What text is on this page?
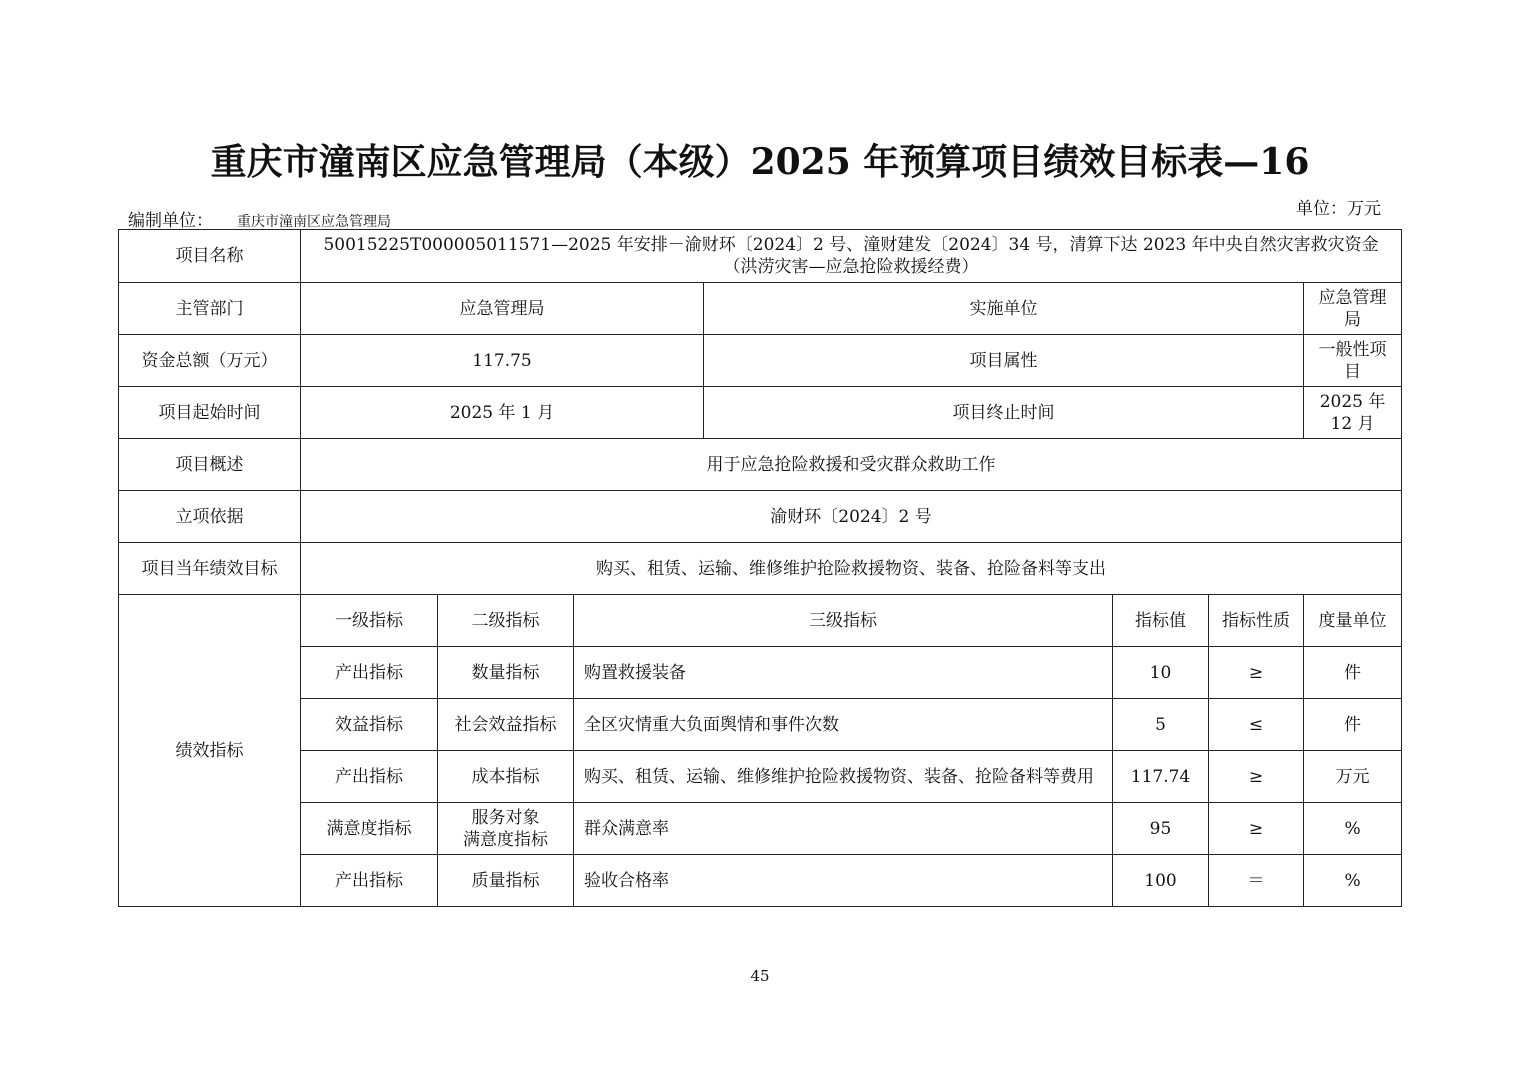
重庆市潼南区应急管理局（本级）2025 年预算项目绩效目标表—16
单位：万元
编制单位： 重庆市潼南区应急管理局
项目名称	50015225T000005011571—2025 年安排－渝财环〔2024〕2 号、潼财建发〔2024〕34 号，清算下达 2023 年中央自然灾害救灾资金
（洪涝灾害—应急抢险救援经费）						

主管部门	应急管理局			实施单位			应急管理局
资金总额（万元）	117.75			项目属性			一般性项目
项目起始时间	2025 年 1 月			项目终止时间			2025 年 12 月
项目概述	用于应急抢险救援和受灾群众救助工作						
立项依据	渝财环〔2024〕2 号						
项目当年绩效目标	购买、租赁、运输、维修维护抢险救援物资、装备、抢险备料等支出						
绩效指标	一级指标	二级指标	三级指标		指标值	指标性质	度量单位
	产出指标	数量指标	购置救援装备		10	≥	件
	效益指标	社会效益指标	全区灾情重大负面舆情和事件次数		5	≤	件
	产出指标	成本指标	购买、租赁、运输、维修维护抢险救援物资、装备、抢险备料等费用		117.74	≥	万元
	满意度指标	服务对象
满意度指标	群众满意率		95	≥	%
	产出指标	质量指标	验收合格率		100	＝	%
45
